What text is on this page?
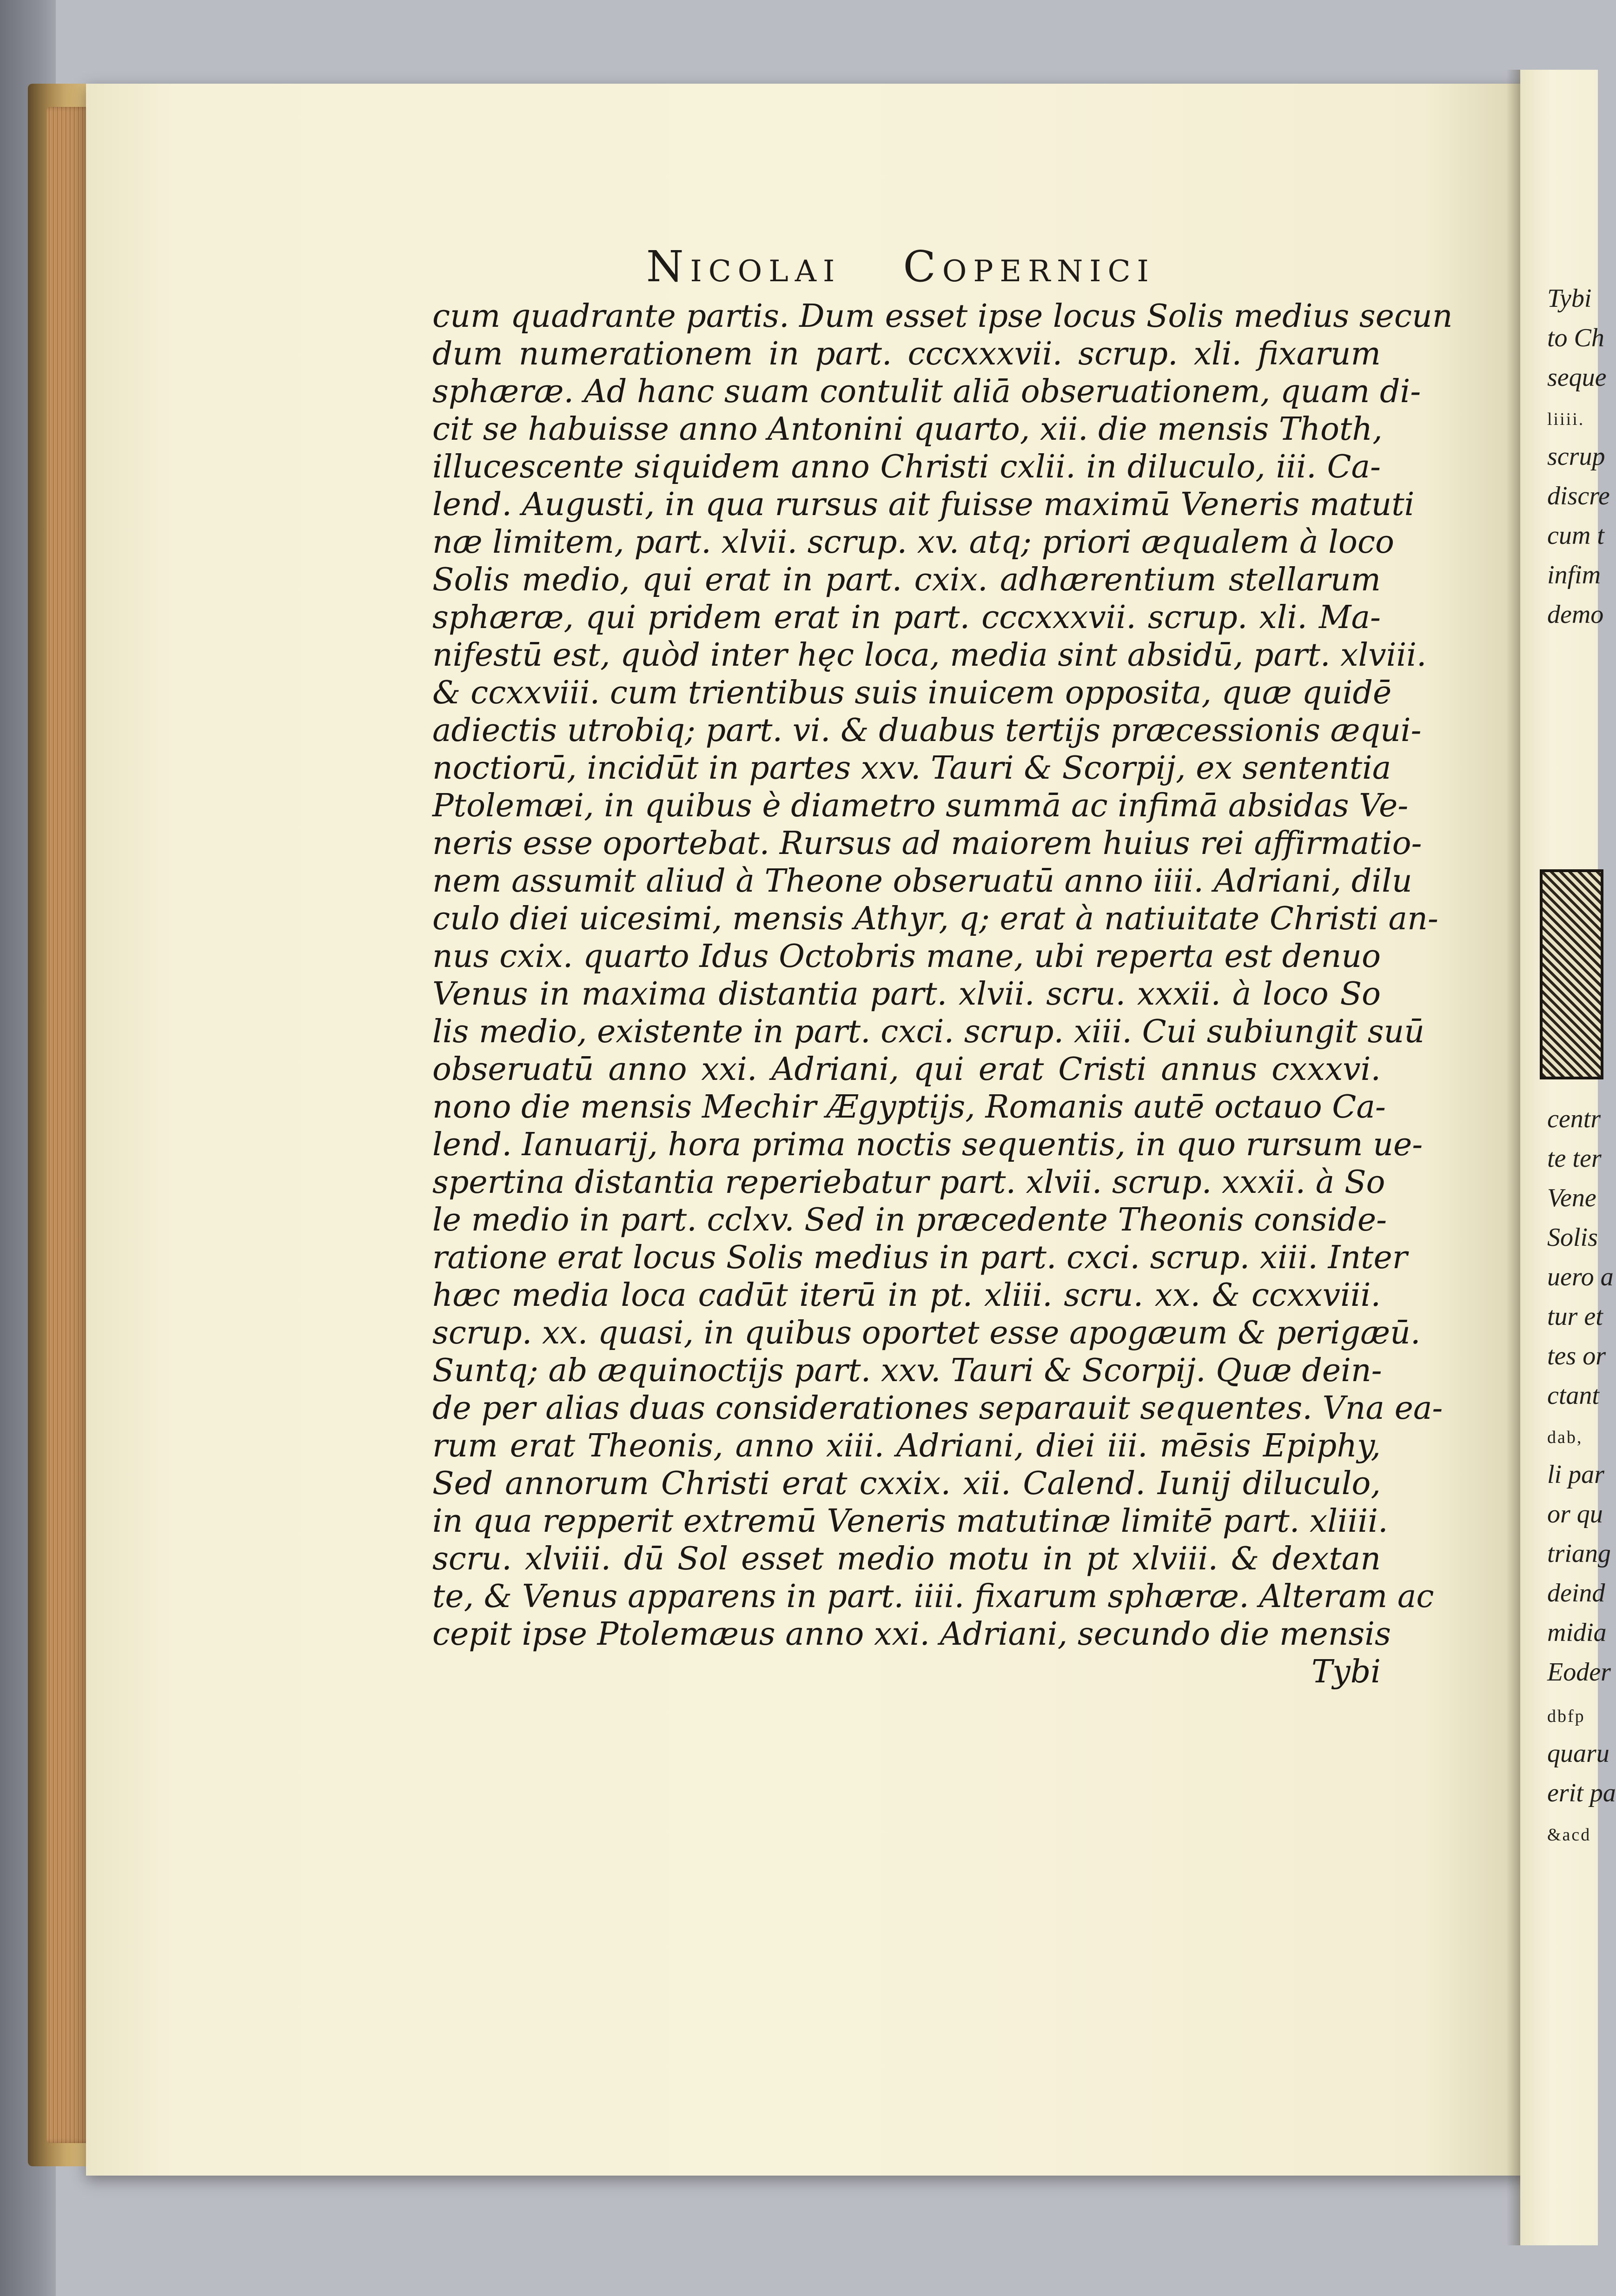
Tybi
to Ch
seque
liiii.
scrup
discre
cum t
infim
demo
centr
te ter
Vene
Solis
uero a
tur et
tes or
ctant
dab,
li par
or qu
triang
deind
midia
Eoder
dbfp
quaru
erit pa
&acd
Nicolai Copernici
cum quadrante partis. Dum esset ipse locus Solis medius secun
dum numerationem in part. cccxxxvii. scrup. xli. fixarum
sphæræ. Ad hanc suam contulit aliā obseruationem, quam di-
cit se habuisse anno Antonini quarto, xii. die mensis Thoth,
illucescente siquidem anno Christi cxlii. in diluculo, iii. Ca-
lend. Augusti, in qua rursus ait fuisse maximū Veneris matuti
næ limitem, part. xlvii. scrup. xv. atq; priori æqualem à loco
Solis medio, qui erat in part. cxix. adhærentium stellarum
sphæræ, qui pridem erat in part. cccxxxvii. scrup. xli. Ma-
nifestū est, quòd inter hęc loca, media sint absidū, part. xlviii.
& ccxxviii. cum trientibus suis inuicem opposita, quæ quidē
adiectis utrobiq; part. vi. & duabus tertijs præcessionis æqui-
noctiorū, incidūt in partes xxv. Tauri & Scorpij, ex sententia
Ptolemæi, in quibus è diametro summā ac infimā absidas Ve-
neris esse oportebat. Rursus ad maiorem huius rei affirmatio-
nem assumit aliud à Theone obseruatū anno iiii. Adriani, dilu
culo diei uicesimi, mensis Athyr, q; erat à natiuitate Christi an-
nus cxix. quarto Idus Octobris mane, ubi reperta est denuo
Venus in maxima distantia part. xlvii. scru. xxxii. à loco So
lis medio, existente in part. cxci. scrup. xiii. Cui subiungit suū
obseruatū anno xxi. Adriani, qui erat Cristi annus cxxxvi.
nono die mensis Mechir Ægyptijs, Romanis autē octauo Ca-
lend. Ianuarij, hora prima noctis sequentis, in quo rursum ue-
spertina distantia reperiebatur part. xlvii. scrup. xxxii. à So
le medio in part. cclxv. Sed in præcedente Theonis conside-
ratione erat locus Solis medius in part. cxci. scrup. xiii. Inter
hæc media loca cadūt iterū in pt. xliii. scru. xx. & ccxxviii.
scrup. xx. quasi, in quibus oportet esse apogæum & perigæū.
Suntq; ab æquinoctijs part. xxv. Tauri & Scorpij. Quæ dein-
de per alias duas considerationes separauit sequentes. Vna ea-
rum erat Theonis, anno xiii. Adriani, diei iii. mēsis Epiphy,
Sed annorum Christi erat cxxix. xii. Calend. Iunij diluculo,
in qua repperit extremū Veneris matutinæ limitē part. xliiii.
scru. xlviii. dū Sol esset medio motu in pt xlviii. & dextan
te, & Venus apparens in part. iiii. fixarum sphæræ. Alteram ac
cepit ipse Ptolemæus anno xxi. Adriani, secundo die mensis
Tybi
